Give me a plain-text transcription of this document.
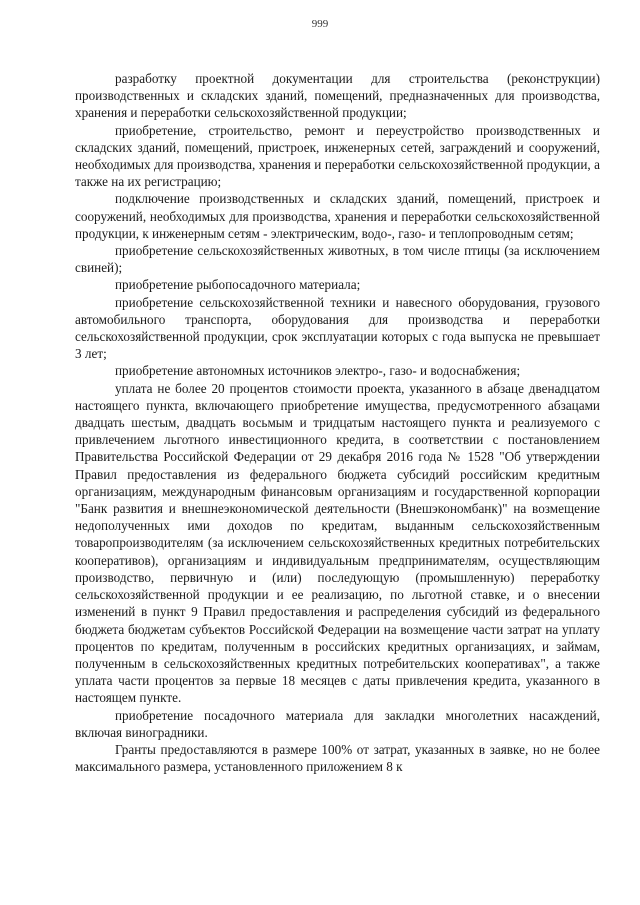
999

разработку проектной документации для строительства (реконструкции) производственных и складских зданий, помещений, предназначенных для производства, хранения и переработки сельскохозяйственной продукции;

приобретение, строительство, ремонт и переустройство производственных и складских зданий, помещений, пристроек, инженерных сетей, заграждений и сооружений, необходимых для производства, хранения и переработки сельскохозяйственной продукции, а также на их регистрацию;

подключение производственных и складских зданий, помещений, пристроек и сооружений, необходимых для производства, хранения и переработки сельскохозяйственной продукции, к инженерным сетям - электрическим, водо-, газо- и теплопроводным сетям;

приобретение сельскохозяйственных животных, в том числе птицы (за исключением свиней);

приобретение рыбопосадочного материала;

приобретение сельскохозяйственной техники и навесного оборудования, грузового автомобильного транспорта, оборудования для производства и переработки сельскохозяйственной продукции, срок эксплуатации которых с года выпуска не превышает 3 лет;

приобретение автономных источников электро-, газо- и водоснабжения;

уплата не более 20 процентов стоимости проекта, указанного в абзаце двенадцатом настоящего пункта, включающего приобретение имущества, предусмотренного абзацами двадцать шестым, двадцать восьмым и тридцатым настоящего пункта и реализуемого с привлечением льготного инвестиционного кредита, в соответствии с постановлением Правительства Российской Федерации от 29 декабря 2016 года № 1528 "Об утверждении Правил предоставления из федерального бюджета субсидий российским кредитным организациям, международным финансовым организациям и государственной корпорации "Банк развития и внешнеэкономической деятельности (Внешэкономбанк)" на возмещение недополученных ими доходов по кредитам, выданным сельскохозяйственным товаропроизводителям (за исключением сельскохозяйственных кредитных потребительских кооперативов), организациям и индивидуальным предпринимателям, осуществляющим производство, первичную и (или) последующую (промышленную) переработку сельскохозяйственной продукции и ее реализацию, по льготной ставке, и о внесении изменений в пункт 9 Правил предоставления и распределения субсидий из федерального бюджета бюджетам субъектов Российской Федерации на возмещение части затрат на уплату процентов по кредитам, полученным в российских кредитных организациях, и займам, полученным в сельскохозяйственных кредитных потребительских кооперативах", а также уплата части процентов за первые 18 месяцев с даты привлечения кредита, указанного в настоящем пункте.

приобретение посадочного материала для закладки многолетних насаждений, включая виноградники.

Гранты предоставляются в размере 100% от затрат, указанных в заявке, но не более максимального размера, установленного приложением 8 к
